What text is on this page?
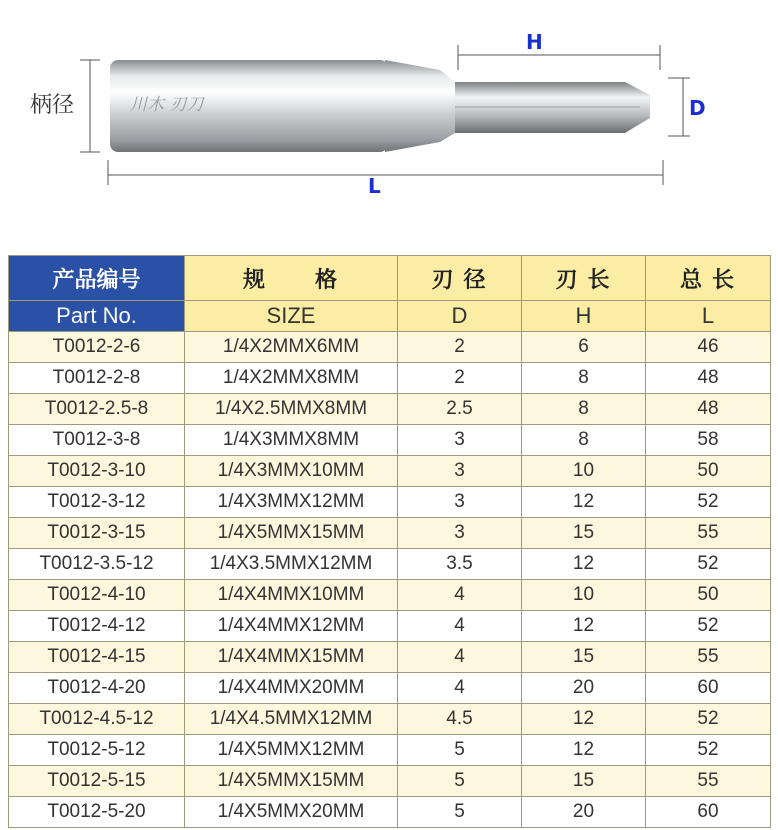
H
D
L
柄径	川木 刃刀
产品编号	规　　格	刃 径	刃 长	总 长
Part No.	SIZE	D	H	L
T0012-2-6	1/4X2MMX6MM	2	6	46
T0012-2-8	1/4X2MMX8MM	2	8	48
T0012-2.5-8	1/4X2.5MMX8MM	2.5	8	48
T0012-3-8	1/4X3MMX8MM	3	8	58
T0012-3-10	1/4X3MMX10MM	3	10	50
T0012-3-12	1/4X3MMX12MM	3	12	52
T0012-3-15	1/4X5MMX15MM	3	15	55
T0012-3.5-12	1/4X3.5MMX12MM	3.5	12	52
T0012-4-10	1/4X4MMX10MM	4	10	50
T0012-4-12	1/4X4MMX12MM	4	12	52
T0012-4-15	1/4X4MMX15MM	4	15	55
T0012-4-20	1/4X4MMX20MM	4	20	60
T0012-4.5-12	1/4X4.5MMX12MM	4.5	12	52
T0012-5-12	1/4X5MMX12MM	5	12	52
T0012-5-15	1/4X5MMX15MM	5	15	55
T0012-5-20	1/4X5MMX20MM	5	20	60
